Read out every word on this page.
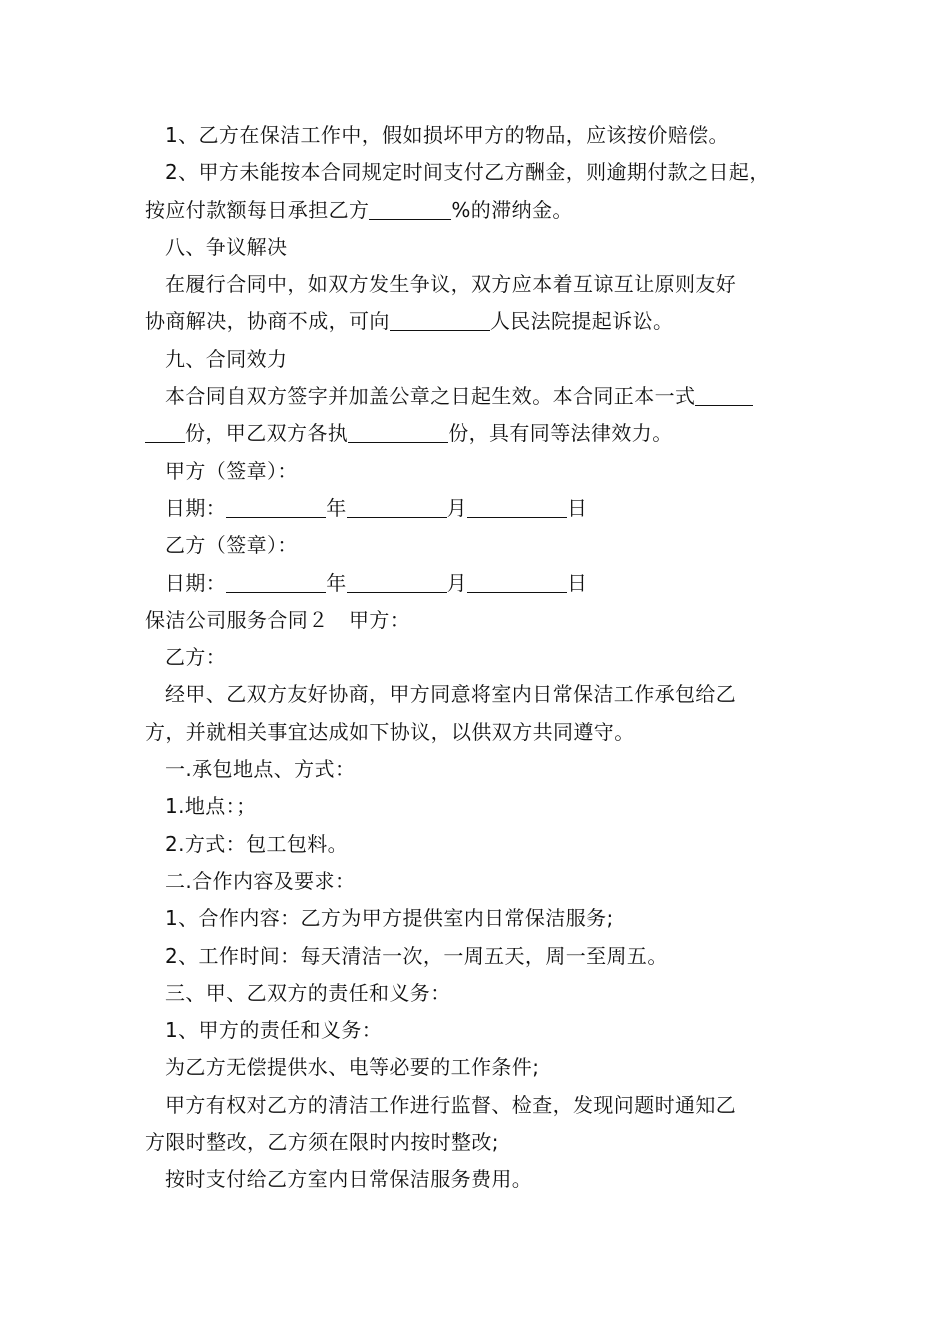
1、乙方在保洁工作中，假如损坏甲方的物品，应该按价赔偿。
2、甲方未能按本合同规定时间支付乙方酬金，则逾期付款之日起，
按应付款额每日承担乙方	%的滞纳金。
八、争议解决
在履行合同中，如双方发生争议，双方应本着互谅互让原则友好
协商解决，协商不成，可向	人民法院提起诉讼。
九、合同效力
本合同自双方签字并加盖公章之日起生效。本合同正本一式
份，甲乙双方各执	份，具有同等法律效力。
甲方（签章）：
日期：	年	月	日
乙方（签章）：
日期：	年	月	日
保洁公司服务合同２　甲方：
乙方：
经甲、乙双方友好协商，甲方同意将室内日常保洁工作承包给乙
方，并就相关事宜达成如下协议，以供双方共同遵守。
一.承包地点、方式：
1.地点：；
2.方式：包工包料。
二.合作内容及要求：
1、合作内容：乙方为甲方提供室内日常保洁服务;
2、工作时间：每天清洁一次，一周五天，周一至周五。
三、甲、乙双方的责任和义务：
1、甲方的责任和义务：
为乙方无偿提供水、电等必要的工作条件;
甲方有权对乙方的清洁工作进行监督、检查，发现问题时通知乙
方限时整改，乙方须在限时内按时整改;
按时支付给乙方室内日常保洁服务费用。
